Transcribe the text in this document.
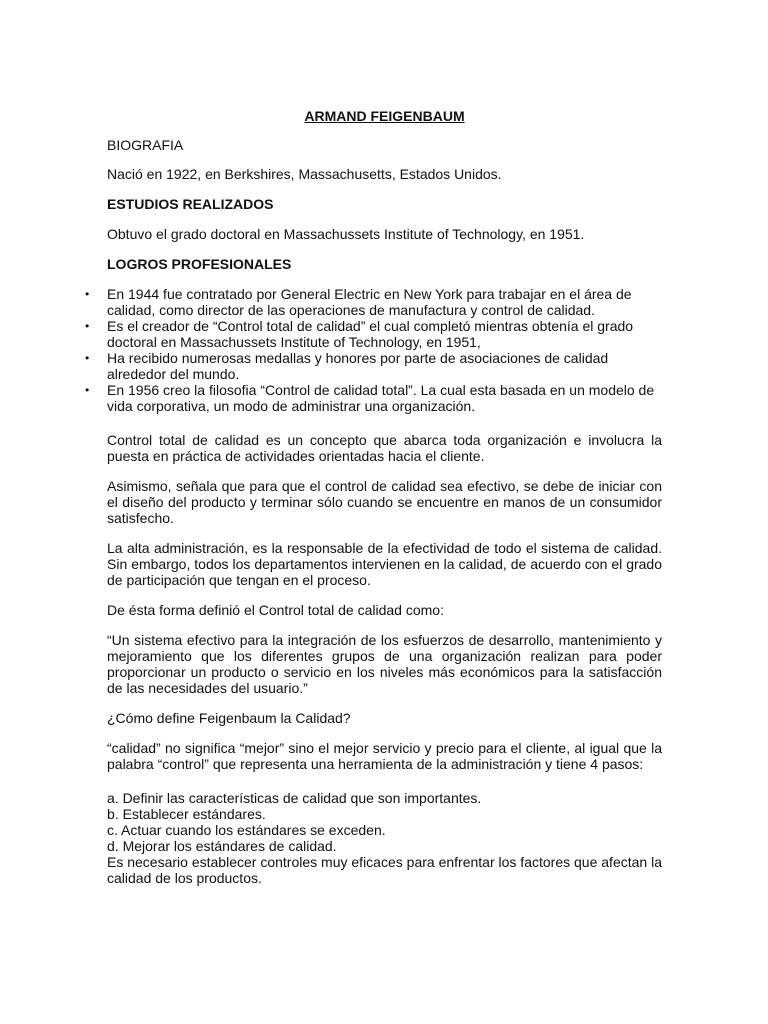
ARMAND FEIGENBAUM

BIOGRAFIA

Nació en 1922, en Berkshires, Massachusetts, Estados Unidos.

ESTUDIOS REALIZADOS

Obtuvo el grado doctoral en Massachussets Institute of Technology, en 1951.

LOGROS PROFESIONALES

• En 1944 fue contratado por General Electric en New York para trabajar en el área de calidad, como director de las operaciones de manufactura y control de calidad.
• Es el creador de “Control total de calidad” el cual completó mientras obtenía el grado doctoral en Massachussets Institute of Technology, en 1951,
• Ha recibido numerosas medallas y honores por parte de asociaciones de calidad alrededor del mundo.
• En 1956 creo la filosofia “Control de calidad total”. La cual esta basada en un modelo de vida corporativa, un modo de administrar una organización.

Control total de calidad es un concepto que abarca toda organización e involucra la puesta en práctica de actividades orientadas hacia el cliente.

Asimismo, señala que para que el control de calidad sea efectivo, se debe de iniciar con el diseño del producto y terminar sólo cuando se encuentre en manos de un consumidor satisfecho.

La alta administración, es la responsable de la efectividad de todo el sistema de calidad. Sin embargo, todos los departamentos intervienen en la calidad, de acuerdo con el grado de participación que tengan en el proceso.

De ésta forma definió el Control total de calidad como:

“Un sistema efectivo para la integración de los esfuerzos de desarrollo, mantenimiento y mejoramiento que los diferentes grupos de una organización realizan para poder proporcionar un producto o servicio en los niveles más económicos para la satisfacción de las necesidades del usuario.”

¿Cómo define Feigenbaum la Calidad?

“calidad” no significa “mejor” sino el mejor servicio y precio para el cliente, al igual que la palabra “control” que representa una herramienta de la administración y tiene 4 pasos:

a. Definir las características de calidad que son importantes.

b. Establecer estándares.

c. Actuar cuando los estándares se exceden.

d. Mejorar los estándares de calidad.

Es necesario establecer controles muy eficaces para enfrentar los factores que afectan la calidad de los productos.
